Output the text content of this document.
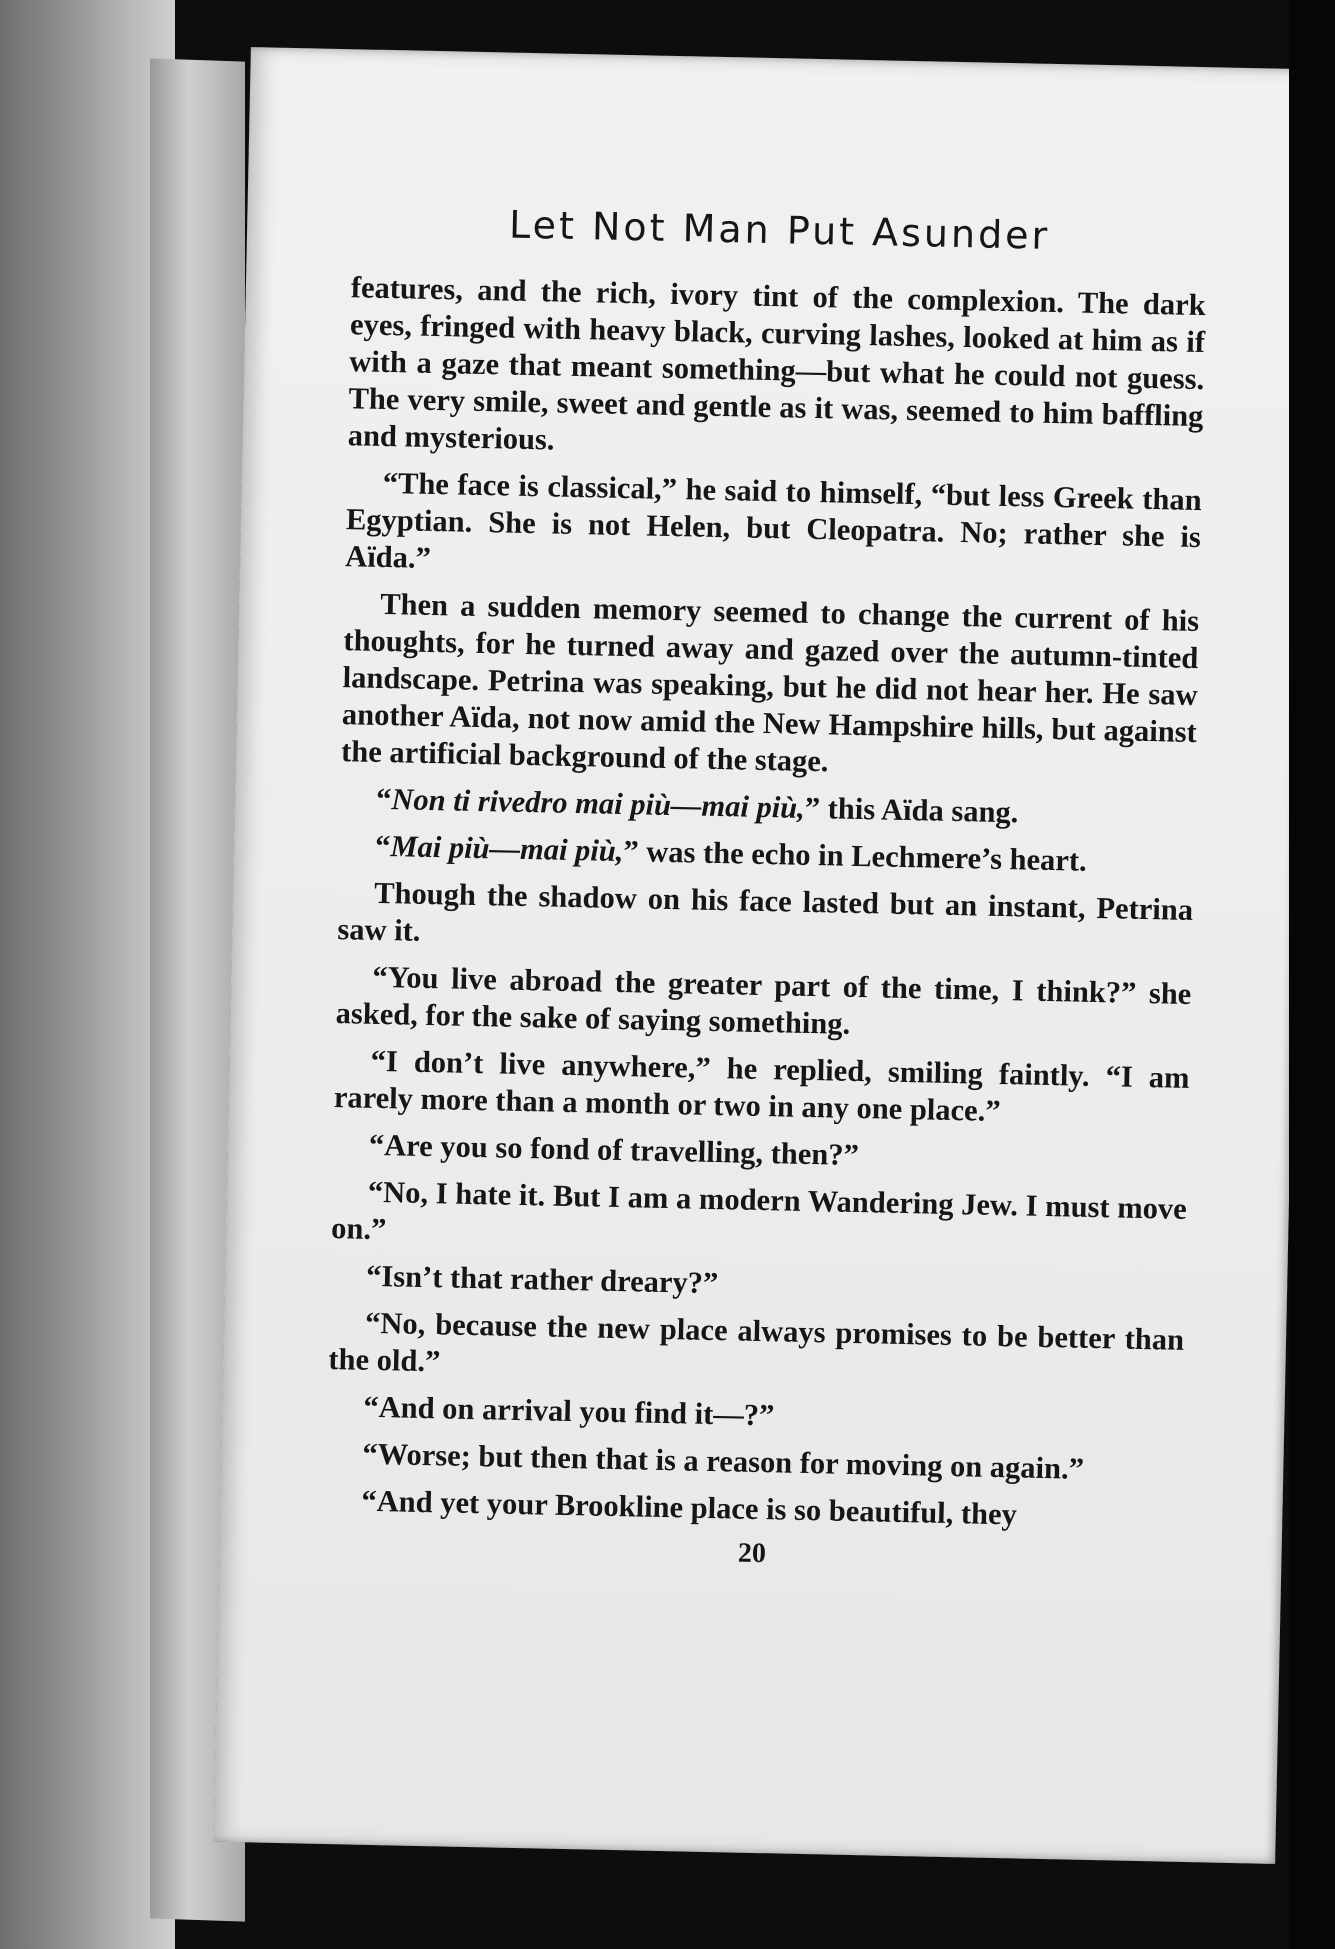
Let Not Man Put Asunder

features, and the rich, ivory tint of the complexion. The dark eyes, fringed with heavy black, curving lashes, looked at him as if with a gaze that meant something—but what he could not guess. The very smile, sweet and gentle as it was, seemed to him baffling and mysterious.

“The face is classical,” he said to himself, “but less Greek than Egyptian. She is not Helen, but Cleopatra. No; rather she is Aïda.”

Then a sudden memory seemed to change the current of his thoughts, for he turned away and gazed over the autumn-tinted landscape. Petrina was speaking, but he did not hear her. He saw another Aïda, not now amid the New Hampshire hills, but against the artificial background of the stage.

“Non ti rivedro mai più—mai più,” this Aïda sang.

“Mai più—mai più,” was the echo in Lechmere’s heart.

Though the shadow on his face lasted but an instant, Petrina saw it.

“You live abroad the greater part of the time, I think?” she asked, for the sake of saying something.

“I don’t live anywhere,” he replied, smiling faintly. “I am rarely more than a month or two in any one place.”

“Are you so fond of travelling, then?”

“No, I hate it. But I am a modern Wandering Jew. I must move on.”

“Isn’t that rather dreary?”

“No, because the new place always promises to be better than the old.”

“And on arrival you find it—?”

“Worse; but then that is a reason for moving on again.”

“And yet your Brookline place is so beautiful, they

20
